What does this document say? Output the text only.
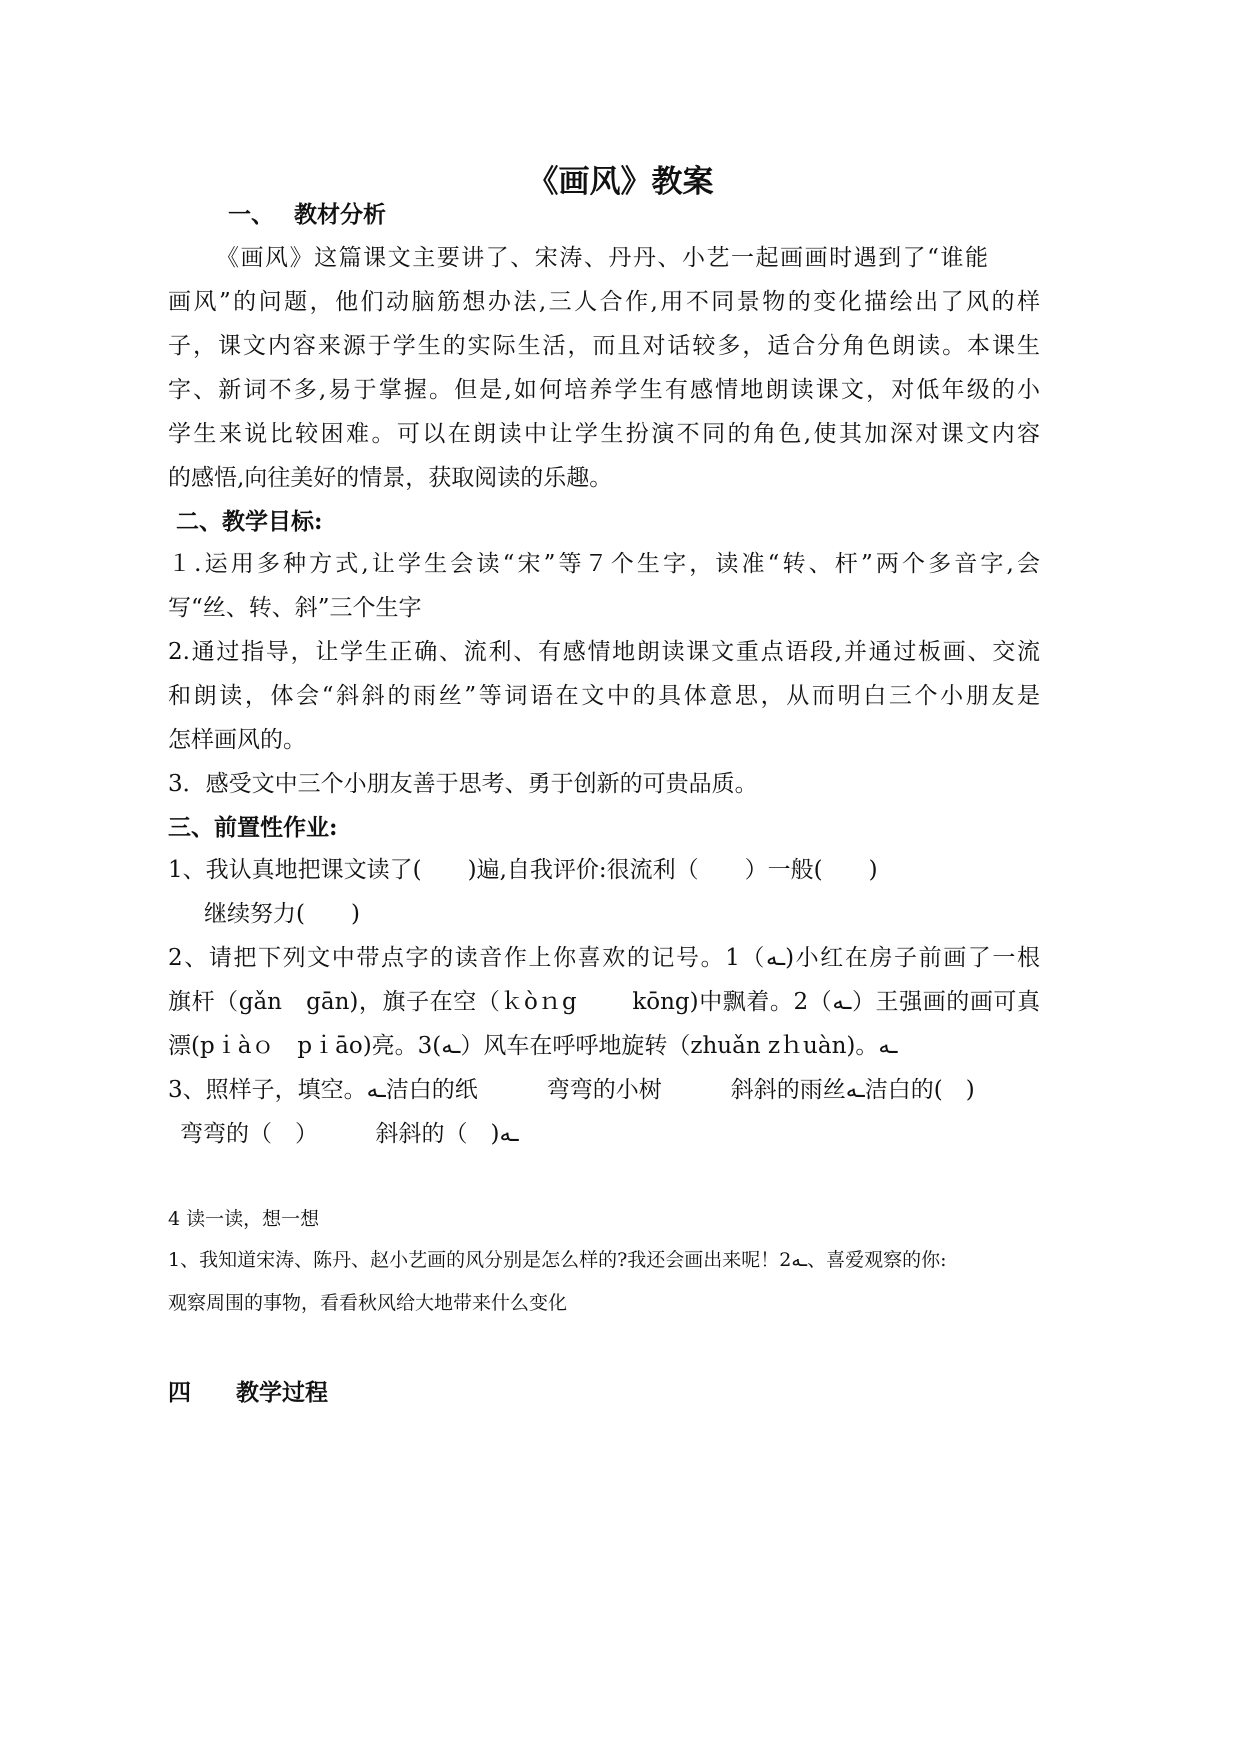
《画风》教案
一、 教材分析
《画风》这篇课文主要讲了、宋涛、丹丹、小艺一起画画时遇到了“谁能
画风”的问题，他们动脑筋想办法,三人合作,用不同景物的变化描绘出了风的样
子，课文内容来源于学生的实际生活，而且对话较多，适合分角色朗读。本课生
字、新词不多,易于掌握。但是,如何培养学生有感情地朗读课文，对低年级的小
学生来说比较困难。可以在朗读中让学生扮演不同的角色,使其加深对课文内容
的感悟,向往美好的情景，获取阅读的乐趣。
二、教学目标:
１.运用多种方式,让学生会读“宋”等７个生字，读准“转、杆”两个多音字,会
写“丝、转、斜”三个生字
2.通过指导，让学生正确、流利、有感情地朗读课文重点语段,并通过板画、交流
和朗读，体会“斜斜的雨丝”等词语在文中的具体意思，从而明白三个小朋友是
怎样画风的。
3．感受文中三个小朋友善于思考、勇于创新的可贵品质。
三、前置性作业:
1、我认真地把课文读了(　　)遍,自我评价:很流利（　　）一般(　　)
继续努力(　　)
2、请把下列文中带点字的读音作上你喜欢的记号。1（ـه)小红在房子前画了一根
旗杆（gǎn　gān)，旗子在空（ｋòｎg　　 kōng)中飘着。2（ـه）王强画的画可真
漂(pｉàｏ　pｉāo)亮。3(ـه）风车在呼呼地旋转（zhuǎn zｈuàn)。ـه
3、照样子，填空。ـه洁白的纸　　　弯弯的小树　　　斜斜的雨丝ـه洁白的(　)
弯弯的（　）　　　斜斜的（　)ـه
4 读一读，想一想
1、我知道宋涛、陈丹、赵小艺画的风分别是怎么样的?我还会画出来呢！2ـه、喜爱观察的你:
观察周围的事物，看看秋风给大地带来什么变化
四 教学过程
